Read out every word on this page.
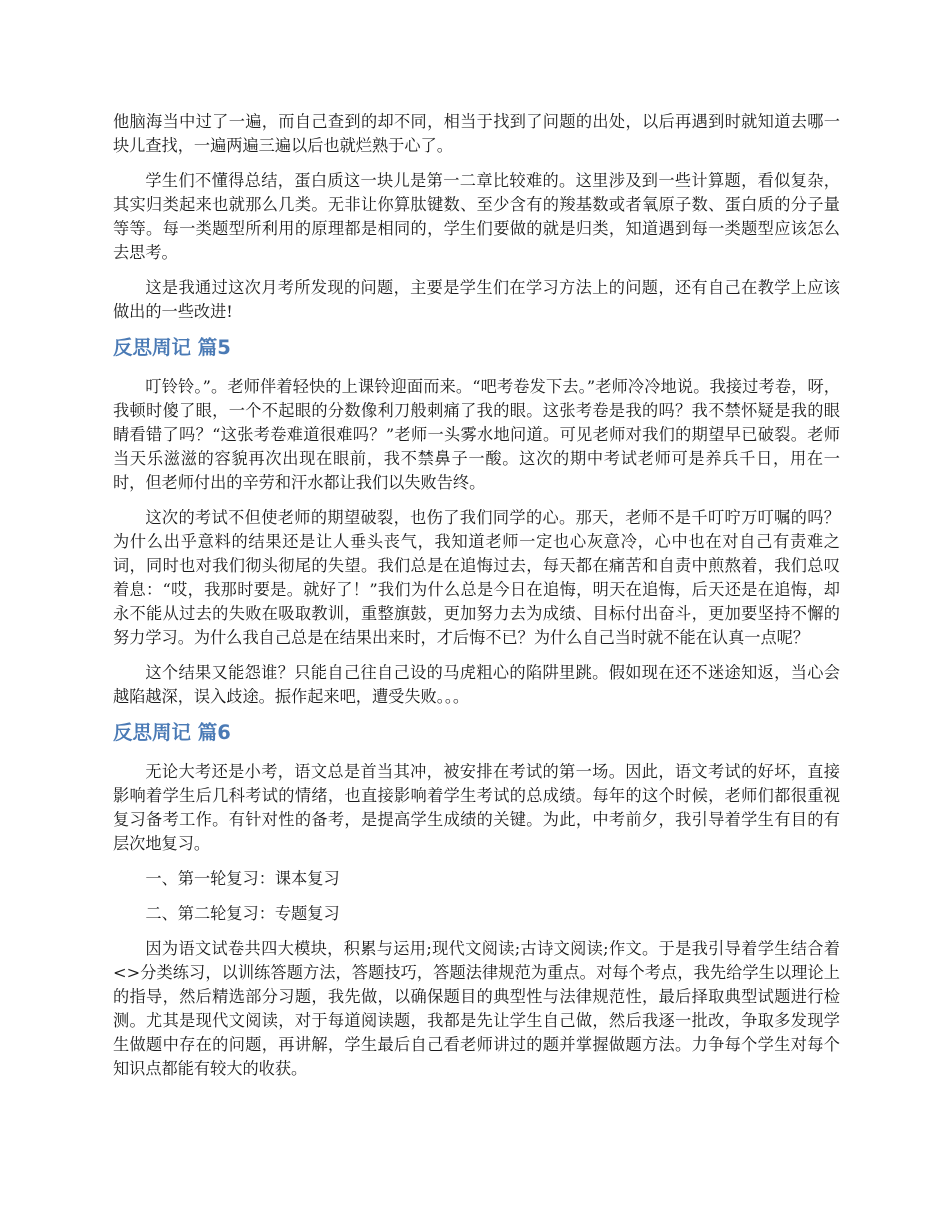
他脑海当中过了一遍，而自己查到的却不同，相当于找到了问题的出处，以后再遇到时就知道去哪一块儿查找，一遍两遍三遍以后也就烂熟于心了。

学生们不懂得总结，蛋白质这一块儿是第一二章比较难的。这里涉及到一些计算题，看似复杂，其实归类起来也就那么几类。无非让你算肽键数、至少含有的羧基数或者氧原子数、蛋白质的分子量等等。每一类题型所利用的原理都是相同的，学生们要做的就是归类，知道遇到每一类题型应该怎么去思考。

这是我通过这次月考所发现的问题，主要是学生们在学习方法上的问题，还有自己在教学上应该做出的一些改进!

反思周记 篇5

叮铃铃。”。老师伴着轻快的上课铃迎面而来。“吧考卷发下去。”老师冷冷地说。我接过考卷，呀，我顿时傻了眼，一个不起眼的分数像利刀般刺痛了我的眼。这张考卷是我的吗？我不禁怀疑是我的眼睛看错了吗？“这张考卷难道很难吗？”老师一头雾水地问道。可见老师对我们的期望早已破裂。老师当天乐滋滋的容貌再次出现在眼前，我不禁鼻子一酸。这次的期中考试老师可是养兵千日，用在一时，但老师付出的辛劳和汗水都让我们以失败告终。

这次的考试不但使老师的期望破裂，也伤了我们同学的心。那天，老师不是千叮咛万叮嘱的吗？为什么出乎意料的结果还是让人垂头丧气，我知道老师一定也心灰意冷，心中也在对自己有责难之词，同时也对我们彻头彻尾的失望。我们总是在追悔过去，每天都在痛苦和自责中煎熬着，我们总叹着息：“哎，我那时要是。就好了！”我们为什么总是今日在追悔，明天在追悔，后天还是在追悔，却永不能从过去的失败在吸取教训，重整旗鼓，更加努力去为成绩、目标付出奋斗，更加要坚持不懈的努力学习。为什么我自己总是在结果出来时，才后悔不已？为什么自己当时就不能在认真一点呢？

这个结果又能怨谁？只能自己往自己设的马虎粗心的陷阱里跳。假如现在还不迷途知返，当心会越陷越深，误入歧途。振作起来吧，遭受失败。。。

反思周记 篇6

无论大考还是小考，语文总是首当其冲，被安排在考试的第一场。因此，语文考试的好坏，直接影响着学生后几科考试的情绪，也直接影响着学生考试的总成绩。每年的这个时候，老师们都很重视复习备考工作。有针对性的备考，是提高学生成绩的关键。为此，中考前夕，我引导着学生有目的有层次地复习。

一、第一轮复习：课本复习

二、第二轮复习：专题复习

因为语文试卷共四大模块，积累与运用;现代文阅读;古诗文阅读;作文。于是我引导着学生结合着<>分类练习，以训练答题方法，答题技巧，答题法律规范为重点。对每个考点，我先给学生以理论上的指导，然后精选部分习题，我先做，以确保题目的典型性与法律规范性，最后择取典型试题进行检测。尤其是现代文阅读，对于每道阅读题，我都是先让学生自己做，然后我逐一批改，争取多发现学生做题中存在的问题，再讲解，学生最后自己看老师讲过的题并掌握做题方法。力争每个学生对每个知识点都能有较大的收获。
